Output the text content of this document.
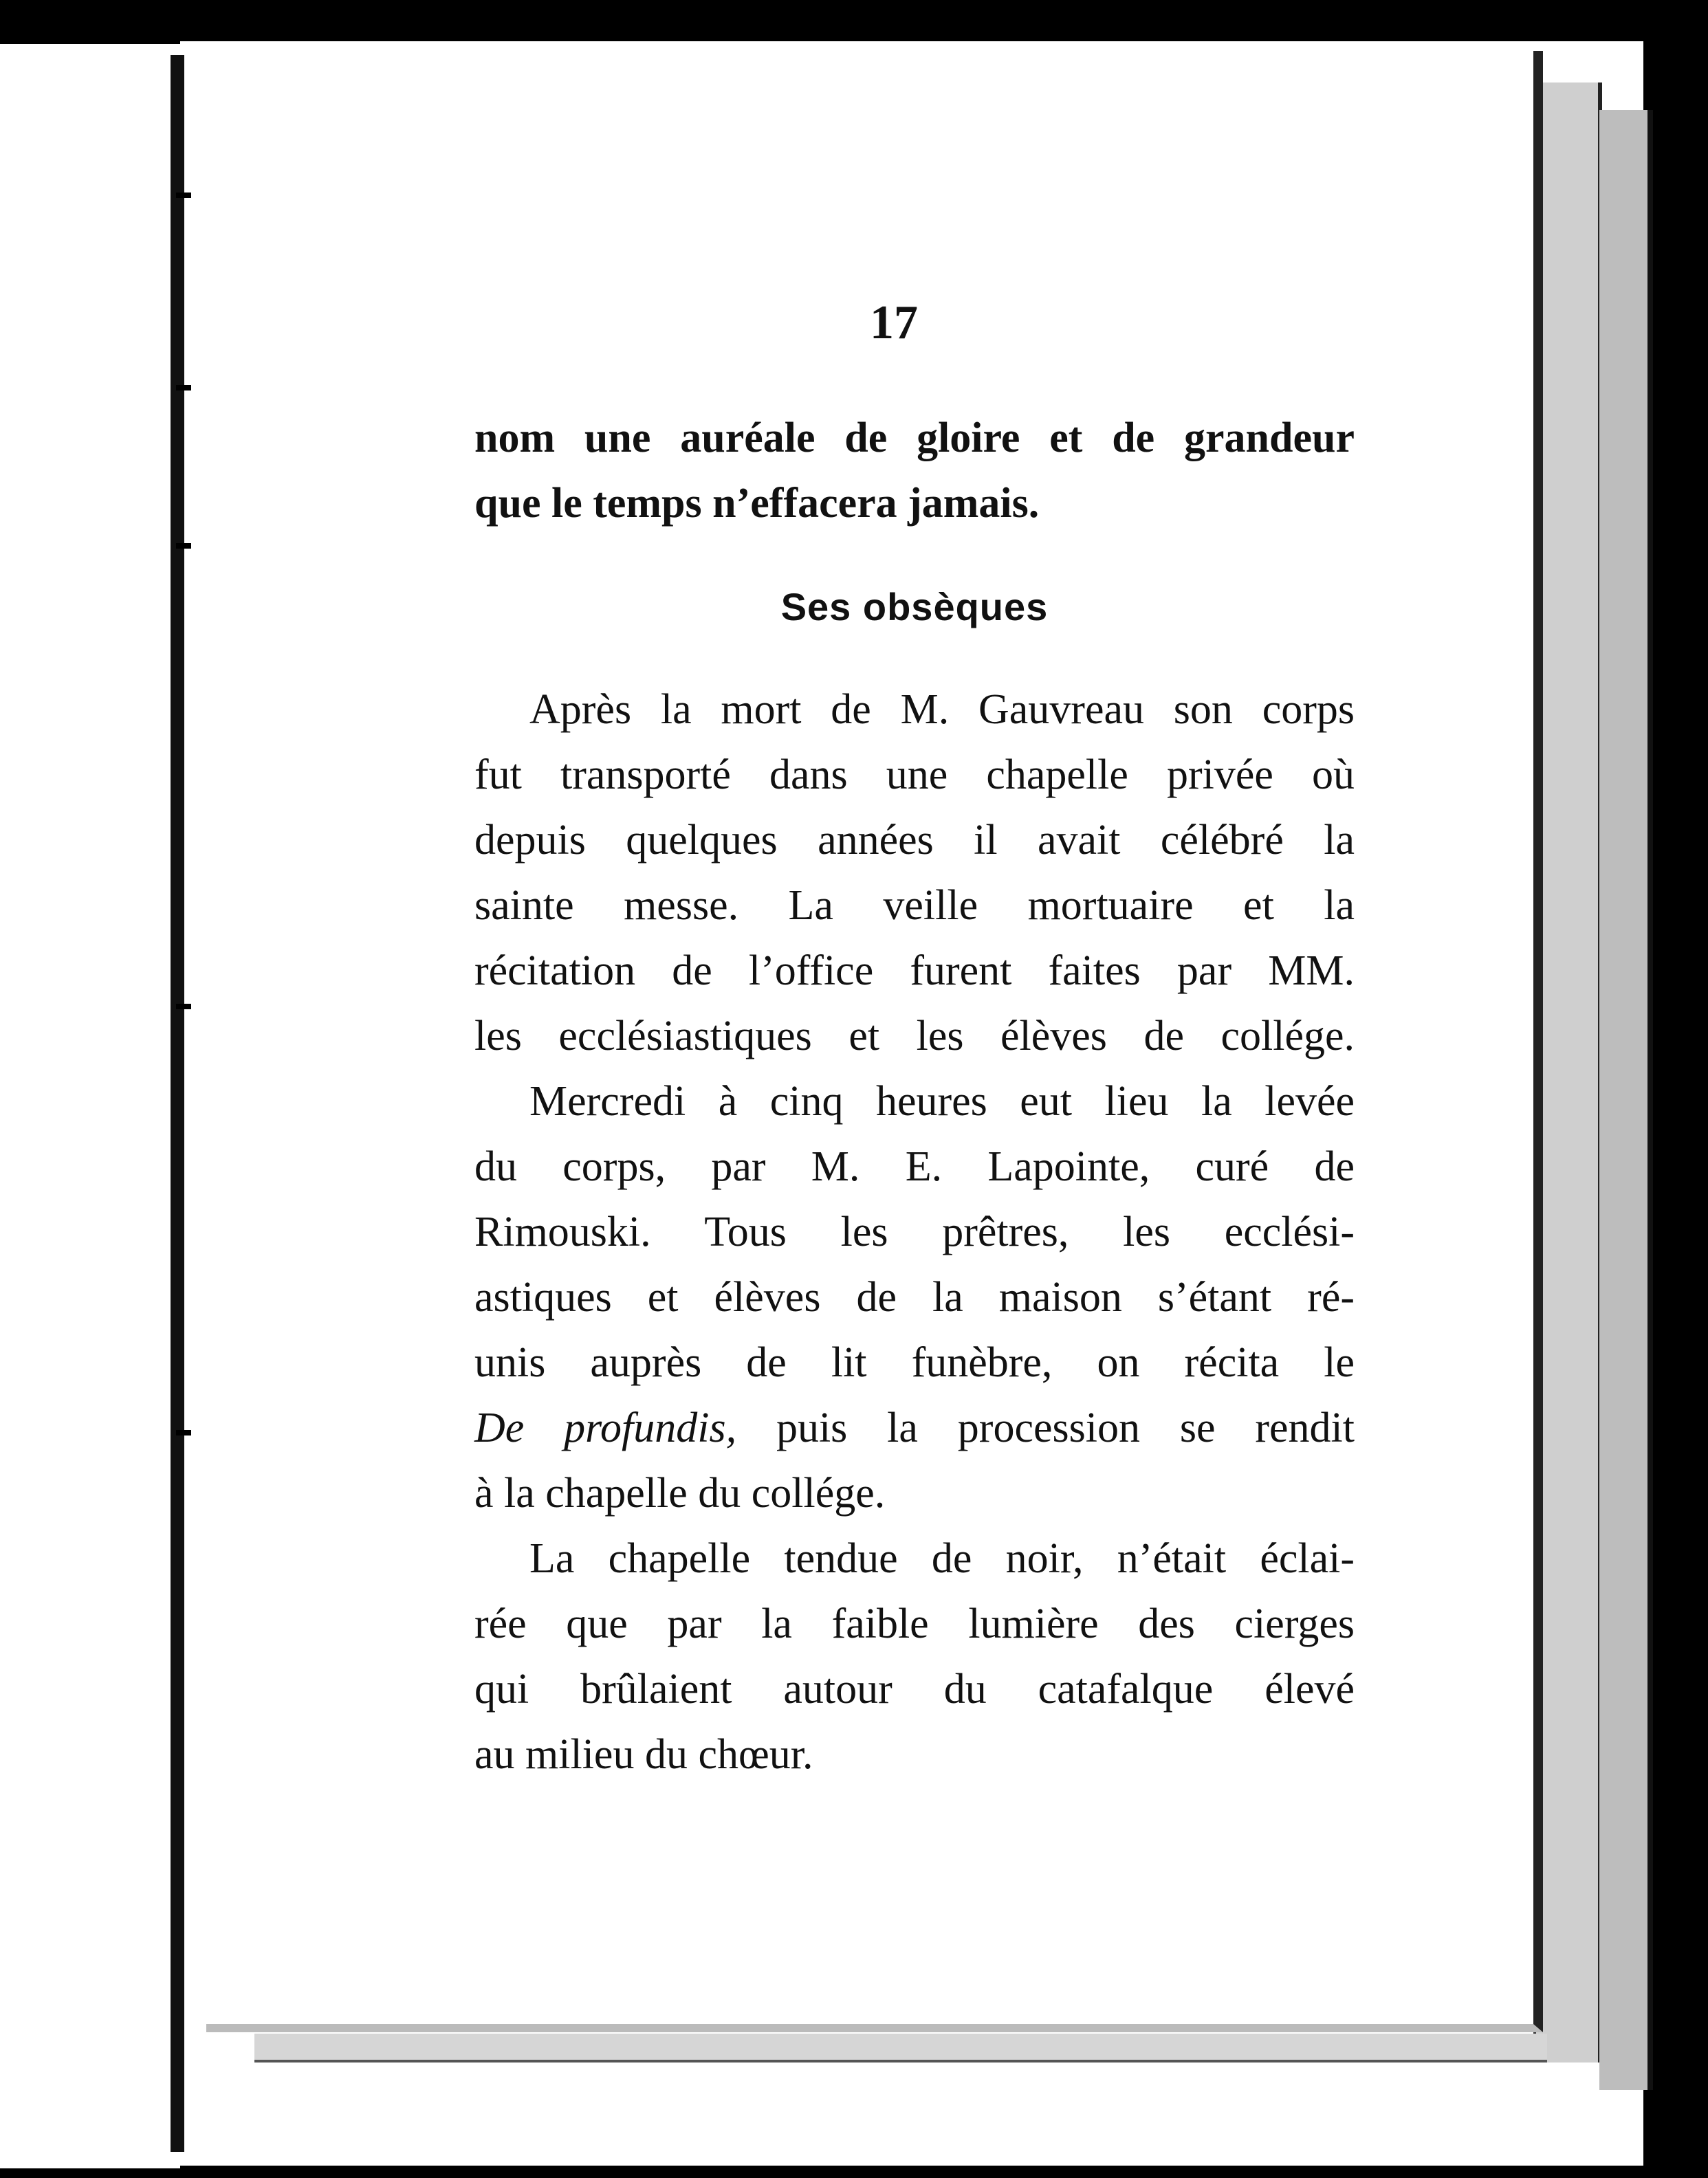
17
nom une auréale de gloire et de grandeur
que le temps n’effacera jamais.
Ses obsèques
Après la mort de M. Gauvreau son corps
fut transporté dans une chapelle privée où
depuis quelques années il avait célébré la
sainte messe. La veille mortuaire et la
récitation de l’office furent faites par MM.
les ecclésiastiques et les élèves de collége.
Mercredi à cinq heures eut lieu la levée
du corps, par M. E. Lapointe, curé de
Rimouski. Tous les prêtres, les ecclési-
astiques et élèves de la maison s’étant ré-
unis auprès de lit funèbre, on récita le
De profundis, puis la procession se rendit
à la chapelle du collége.
La chapelle tendue de noir, n’était éclai-
rée que par la faible lumière des cierges
qui brûlaient autour du catafalque élevé
au milieu du chœur.
